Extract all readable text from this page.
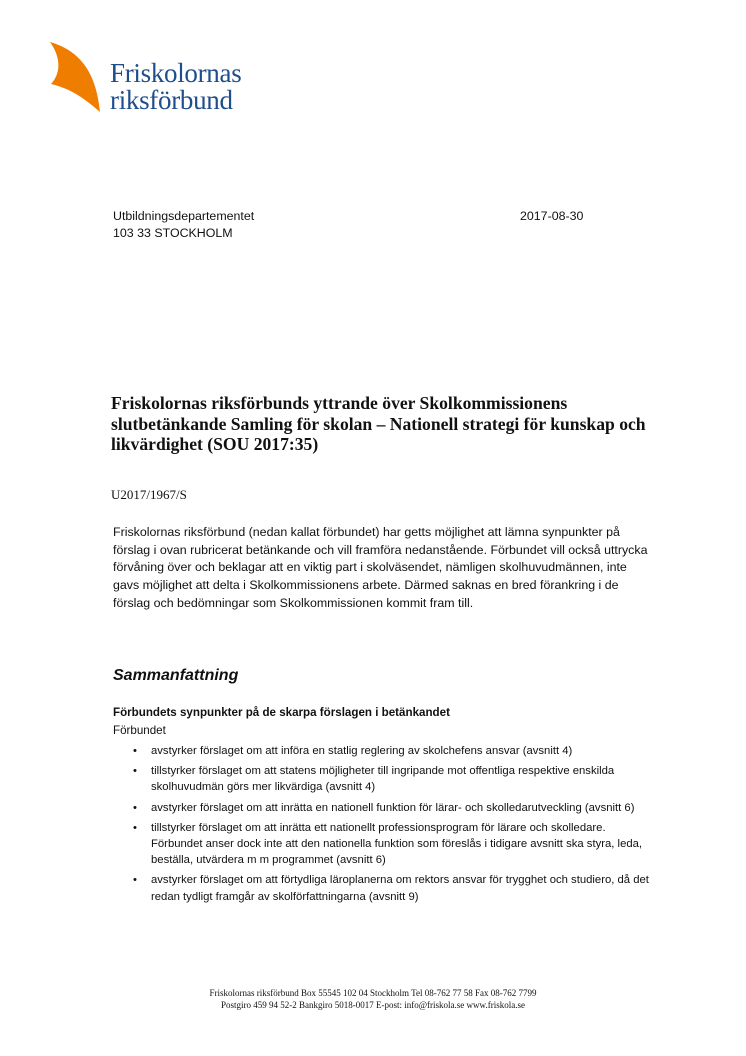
Friskolornas
riksförbund
Utbildningsdepartementet
103 33 STOCKHOLM
2017-08-30
Friskolornas riksförbunds yttrande över Skolkommissionens slutbetänkande Samling för skolan – Nationell strategi för kunskap och likvärdighet (SOU 2017:35)
U2017/1967/S
Friskolornas riksförbund (nedan kallat förbundet) har getts möjlighet att lämna synpunkter på förslag i ovan rubricerat betänkande och vill framföra nedanstående. Förbundet vill också uttrycka förvåning över och beklagar att en viktig part i skolväsendet, nämligen skolhuvudmännen, inte gavs möjlighet att delta i Skolkommissionens arbete. Därmed saknas en bred förankring i de förslag och bedömningar som Skolkommissionen kommit fram till.
Sammanfattning
Förbundets synpunkter på de skarpa förslagen i betänkandet
Förbundet
• avstyrker förslaget om att införa en statlig reglering av skolchefens ansvar (avsnitt 4)
• tillstyrker förslaget om att statens möjligheter till ingripande mot offentliga respektive enskilda skolhuvudmän görs mer likvärdiga (avsnitt 4)
• avstyrker förslaget om att inrätta en nationell funktion för lärar- och skolledarutveckling (avsnitt 6)
• tillstyrker förslaget om att inrätta ett nationellt professionsprogram för lärare och skolledare. Förbundet anser dock inte att den nationella funktion som föreslås i tidigare avsnitt ska styra, leda, beställa, utvärdera m m programmet (avsnitt 6)
• avstyrker förslaget om att förtydliga läroplanerna om rektors ansvar för trygghet och studiero, då det redan tydligt framgår av skolförfattningarna (avsnitt 9)
Friskolornas riksförbund Box 55545 102 04 Stockholm Tel 08-762 77 58 Fax 08-762 7799
Postgiro 459 94 52-2 Bankgiro 5018-0017 E-post: info@friskola.se www.friskola.se
